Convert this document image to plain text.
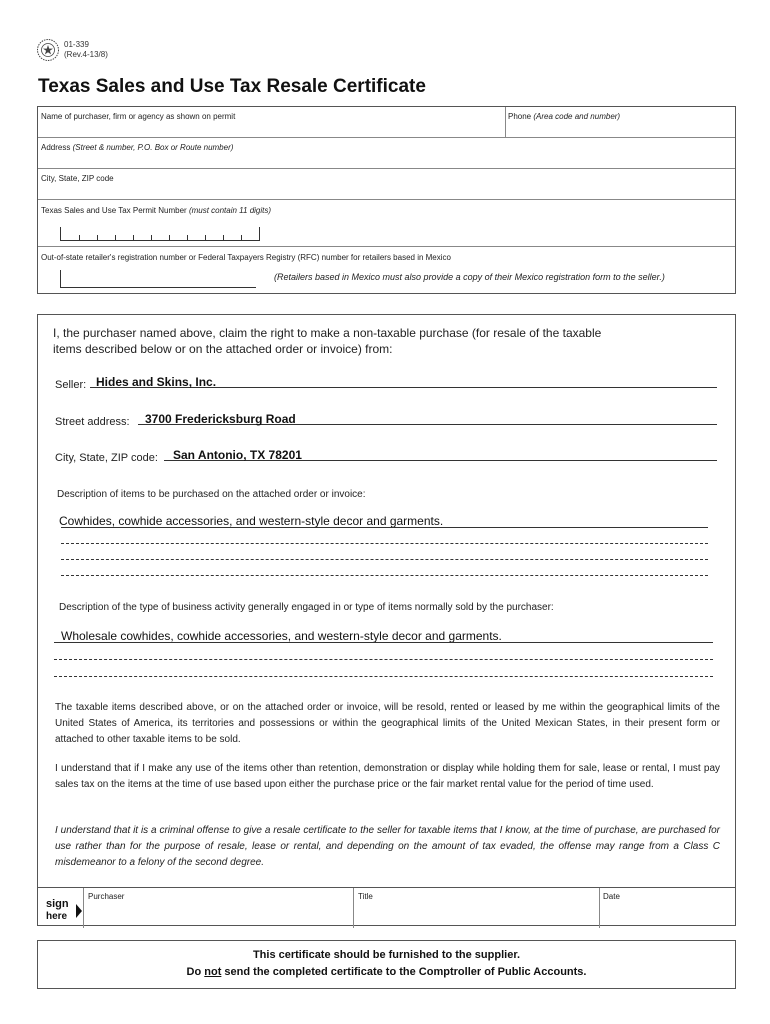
01-339
(Rev.4-13/8)
Texas Sales and Use Tax Resale Certificate
Name of purchaser, firm or agency as shown on permit	Phone (Area code and number)
Address (Street & number, P.O. Box or Route number)
City, State, ZIP code
Texas Sales and Use Tax Permit Number (must contain 11 digits)
Out-of-state retailer's registration number or Federal Taxpayers Registry (RFC) number for retailers based in Mexico
(Retailers based in Mexico must also provide a copy of their Mexico registration form to the seller.)
I, the purchaser named above, claim the right to make a non-taxable purchase (for resale of the taxable
items described below or on the attached order or invoice) from:
Seller: Hides and Skins, Inc.
Street address: 3700 Fredericksburg Road
City, State, ZIP code: San Antonio, TX 78201
Description of items to be purchased on the attached order or invoice:
Cowhides, cowhide accessories, and western-style decor and garments.
Description of the type of business activity generally engaged in or type of items normally sold by the purchaser:
Wholesale cowhides, cowhide accessories, and western-style decor and garments.
The taxable items described above, or on the attached order or invoice, will be resold, rented or leased by me within the geographical limits of the United States of America, its territories and possessions or within the geographical limits of the United Mexican States, in their present form or attached to other taxable items to be sold.
I understand that if I make any use of the items other than retention, demonstration or display while holding them for sale, lease or rental, I must pay sales tax on the items at the time of use based upon either the purchase price or the fair market rental value for the period of time used.
I understand that it is a criminal offense to give a resale certificate to the seller for taxable items that I know, at the time of purchase, are purchased for use rather than for the purpose of resale, lease or rental, and depending on the amount of tax evaded, the offense may range from a Class C misdemeanor to a felony of the second degree.
sign
here
Purchaser	Title	Date
This certificate should be furnished to the supplier.
Do not send the completed certificate to the Comptroller of Public Accounts.
